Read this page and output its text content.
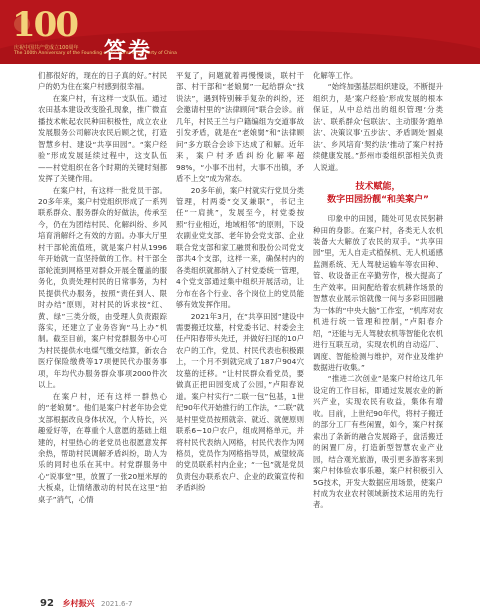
100
庆祝中国共产党成立100周年
The 100th Anniversary of the Founding of the Communist Party of China
答卷

们都很好的，现在的日子真的好。”村民户的奶为住在案户村感到很幸福。

在案户村，有这样一支队伍。通过农田基本建设改变脸孔现象，推广微直播技术帐起农民种田积极性，成立农业发展服务公司解决农民后顾之忧，打造智慧乡村、建设“共享田园”。“案户经验”形成发展延续过程中，这支队伍——村党组织在各个时期的关键时刻都发挥了关键作用。

在案户村，有这样一批党员干部。20多年来，案户村党组织形成了一系列联系群众、服务群众的好做法，传承至今，仍在为团结村民、化解纠纷、乡风培育消解纤之有效的方面。办事大厅里村干部轮流值班，就是案户村从1996年开始就一直坚持做的工作。村干部全部轮流到网格里对群众开展全覆盖的服务化，负责处理村民的日常事务，为村民提供代办服务，按照“责任到人、限时办结”原则，对村民的诉求按“红、黄、绿”三类分级，由受理人负责跟踪落实，还建立了业务咨询“马上办”机制。截至目前，案户村党群服务中心可为村民提供水电煤气缴交结算，新农合医疗保险缴费等17项便民代办服务事项，年均代办服务群众事项2000件次以上。

在案户村，还有这样一群热心的“老娘舅”。他们是案户村老年协会党支部根据改良身体状况，个人特长，兴趣爱好等，在尊重个人意愿的基础上组建的，村里热心的老党员也很愿意发挥余热，帮助村民调解矛盾纠纷，助人为乐的同时也乐在其中。村党群服务中心“说事堂”里，放置了一张20厘米厚的大板桌，让情绪激动的村民在这里“拍桌子”消气，心情

平复了，问题就着再慢慢谈，联村干部、村干部和“老娘舅”一起给群众“找说法”，遇到特别棘手复杂的纠纷，还会邀请村里的“法律顾问”联合会诊。前几年，村民王兰与户籍编组为交道事故引发矛盾，就是在“老娘舅”和“法律顾问”多方联合会诊下达成了和解。近年来，案户村矛盾纠纷化解率超98%，“小事不出村，大事不出镇，矛盾不上交”成为常态。

20多年前，案户村就实行党员分类管理，村两委“交叉兼职”，书记主任“一肩挑”，发展至今，村党委按照“行业相近，地域相邻”的原则，下设农副业党支部、老年协会党支部、企业联合党支部和家工融贯和股份公司党支部共4个支部，这样一来，确保村内的各类组织就都纳入了村党委统一管理，4个党支部通过集中组织开展活动，让分布在各个行业、各个岗位上的党员能够有效发挥作用。

2021年3月，在“共享田园”建设中需要搬迁坟墓，村党委书记、村委会主任卢阳春带头先迁，并做好扫尾的10户农户的工作，党员、村民代表也积极跟上，一个月不到就完成了187户904穴坟墓的迁移。“让村民群众看党员，要做真正把田园变成了公园，”卢阳春说道。案户村实行“二联一包”包基，1世纪90年代开始推行的工作法，“二联”就是村里党员按照就亲、就近、就便原则联系6~10户农户，组成网格单元，并将村民代表纳入网格，村民代表作为网格员，党员作为网格指导员，威望较高的党员联系村内企业；“一包”就是党员负责包办联系农户、企业的政策宣传和矛盾纠纷

化解等工作。

“始终加强基层组织建设，不断提升组织力，是‘案户经验’形成发展的根本保证，从中总结出的组织管理‘分类法’、联系群众‘包联法’、主动服务‘跑单法’、决策议事‘五步法’、矛盾调处‘圆桌法’、乡风培育‘契约法’推动了案户村持续健康发展。”彭州市委组织部相关负责人说道。

技术赋能，
数字田园扮靓“和美案户”

印象中的田园，随处可见农民躬耕种田的身影。在案户村，各类无人农机装备大大解放了农民的双手。“共享田园”里，无人自走式植保机、无人机遥感监测系统、无人驾驶运输车等农田种、管、收设备正在辛勤劳作，极大提高了生产效率。田间配给着农机耕作场景的智慧农业展示馆就像一间与多彩田园融为一体的“中央大脑”工作室，“机库对农机进行统一管理和控制，”卢阳春介绍，“还能与无人驾驶农机等智能化农机进行互联互动，实现农机的自动巡厂、调度、智能检测与维护，对作业及维护数据进行收集。”

“推进二次创业”是案户村给这几年设定的工作目标，即通过发展农业的新兴产业，实现农民有收益，集体有增收。目前，上世纪90年代，将村子搬迁的部分工厂有些闲置，如今，案户村探索出了条新的融合发展路子，盘活搬迁的闲置厂房，打造新型智慧农业产业园，结合观光旅游，吸引更多游客来到案户村体验农事乐趣，案户村积极引入5G技术，开发大数据应用场景，使案户村成为农业农村领域新技术运用的先行者。

92 乡村振兴 2021.6-7
